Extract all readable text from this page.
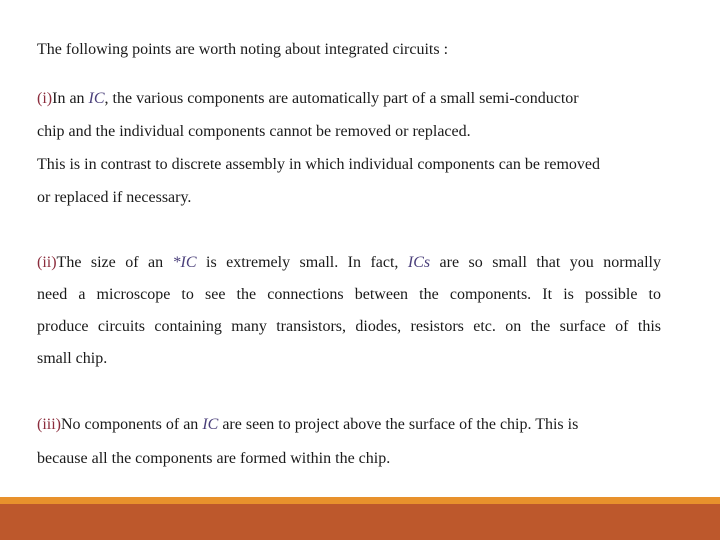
The following points are worth noting about integrated circuits :
(i)In an IC, the various components are automatically part of a small semi-conductor
chip and the individual components cannot be removed or replaced.
This is in contrast to discrete assembly in which individual components can be removed
or replaced if necessary.
(ii)The size of an *IC is extremely small. In fact, ICs are so small that you normally
need a microscope to see the connections between the components. It is possible to
produce circuits containing many transistors, diodes, resistors etc. on the surface of this
small chip.
(iii)No components of an IC are seen to project above the surface of the chip. This is
because all the components are formed within the chip.
